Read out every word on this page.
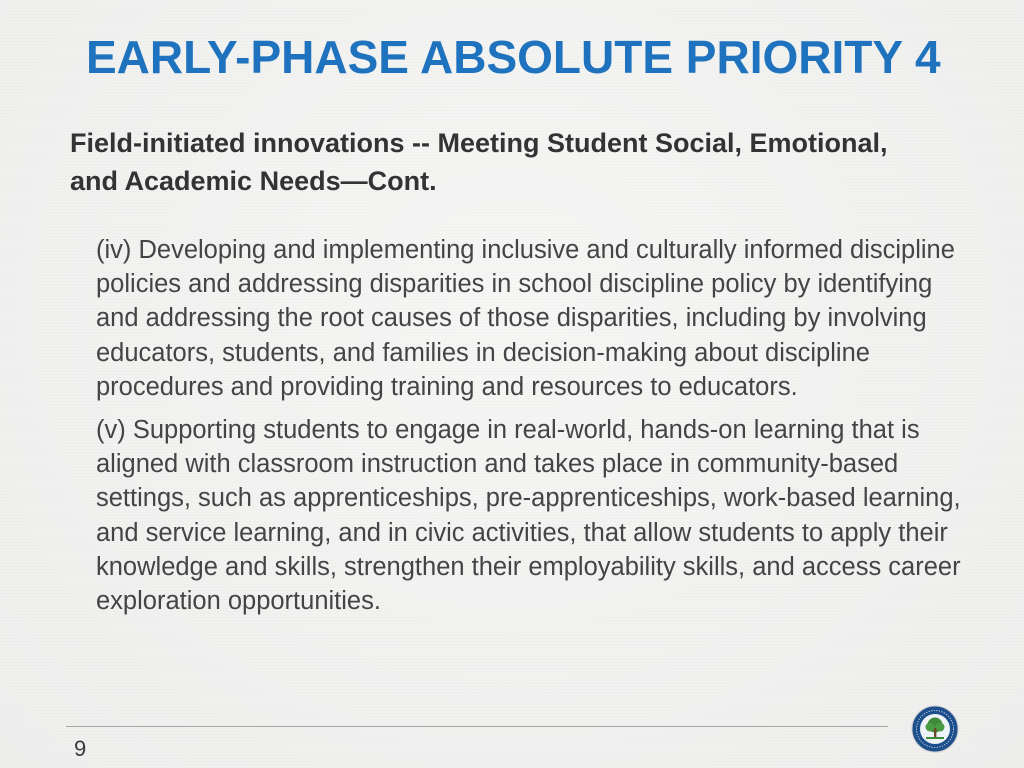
EARLY-PHASE ABSOLUTE PRIORITY 4
Field-initiated innovations -- Meeting Student Social, Emotional, and Academic Needs—Cont.
(iv) Developing and implementing inclusive and culturally informed discipline policies and addressing disparities in school discipline policy by identifying and addressing the root causes of those disparities, including by involving educators, students, and families in decision-making about discipline procedures and providing training and resources to educators.
(v) Supporting students to engage in real-world, hands-on learning that is aligned with classroom instruction and takes place in community-based settings, such as apprenticeships, pre-apprenticeships, work-based learning, and service learning, and in civic activities, that allow students to apply their knowledge and skills, strengthen their employability skills, and access career exploration opportunities.
9
